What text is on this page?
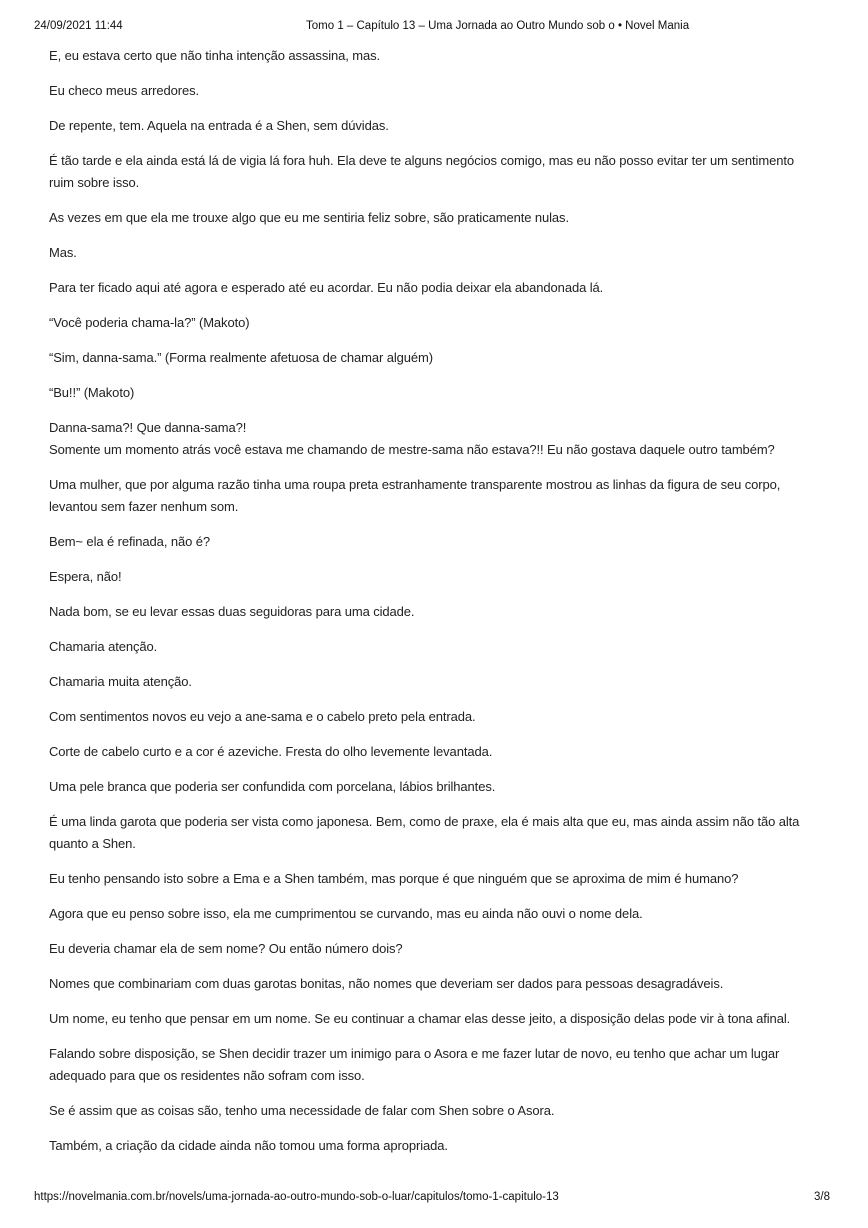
24/09/2021 11:44	Tomo 1 – Capítulo 13 – Uma Jornada ao Outro Mundo sob o • Novel Mania

E, eu estava certo que não tinha intenção assassina, mas.

Eu checo meus arredores.

De repente, tem. Aquela na entrada é a Shen, sem dúvidas.

É tão tarde e ela ainda está lá de vigia lá fora huh. Ela deve te alguns negócios comigo, mas eu não posso evitar ter um sentimento ruim sobre isso.

As vezes em que ela me trouxe algo que eu me sentiria feliz sobre, são praticamente nulas.

Mas.

Para ter ficado aqui até agora e esperado até eu acordar. Eu não podia deixar ela abandonada lá.

“Você poderia chama-la?” (Makoto)

“Sim, danna-sama.” (Forma realmente afetuosa de chamar alguém)

“Bu!!” (Makoto)

Danna-sama?! Que danna-sama?!
Somente um momento atrás você estava me chamando de mestre-sama não estava?!! Eu não gostava daquele outro também?

Uma mulher, que por alguma razão tinha uma roupa preta estranhamente transparente mostrou as linhas da figura de seu corpo, levantou sem fazer nenhum som.

Bem~ ela é refinada, não é?

Espera, não!

Nada bom, se eu levar essas duas seguidoras para uma cidade.

Chamaria atenção.

Chamaria muita atenção.

Com sentimentos novos eu vejo a ane-sama e o cabelo preto pela entrada.

Corte de cabelo curto e a cor é azeviche. Fresta do olho levemente levantada.

Uma pele branca que poderia ser confundida com porcelana, lábios brilhantes.

É uma linda garota que poderia ser vista como japonesa. Bem, como de praxe, ela é mais alta que eu, mas ainda assim não tão alta quanto a Shen.

Eu tenho pensando isto sobre a Ema e a Shen também, mas porque é que ninguém que se aproxima de mim é humano?

Agora que eu penso sobre isso, ela me cumprimentou se curvando, mas eu ainda não ouvi o nome dela.

Eu deveria chamar ela de sem nome? Ou então número dois?

Nomes que combinariam com duas garotas bonitas, não nomes que deveriam ser dados para pessoas desagradáveis.

Um nome, eu tenho que pensar em um nome. Se eu continuar a chamar elas desse jeito, a disposição delas pode vir à tona afinal.

Falando sobre disposição, se Shen decidir trazer um inimigo para o Asora e me fazer lutar de novo, eu tenho que achar um lugar adequado para que os residentes não sofram com isso.

Se é assim que as coisas são, tenho uma necessidade de falar com Shen sobre o Asora.

Também, a criação da cidade ainda não tomou uma forma apropriada.

https://novelmania.com.br/novels/uma-jornada-ao-outro-mundo-sob-o-luar/capitulos/tomo-1-capitulo-13	3/8
